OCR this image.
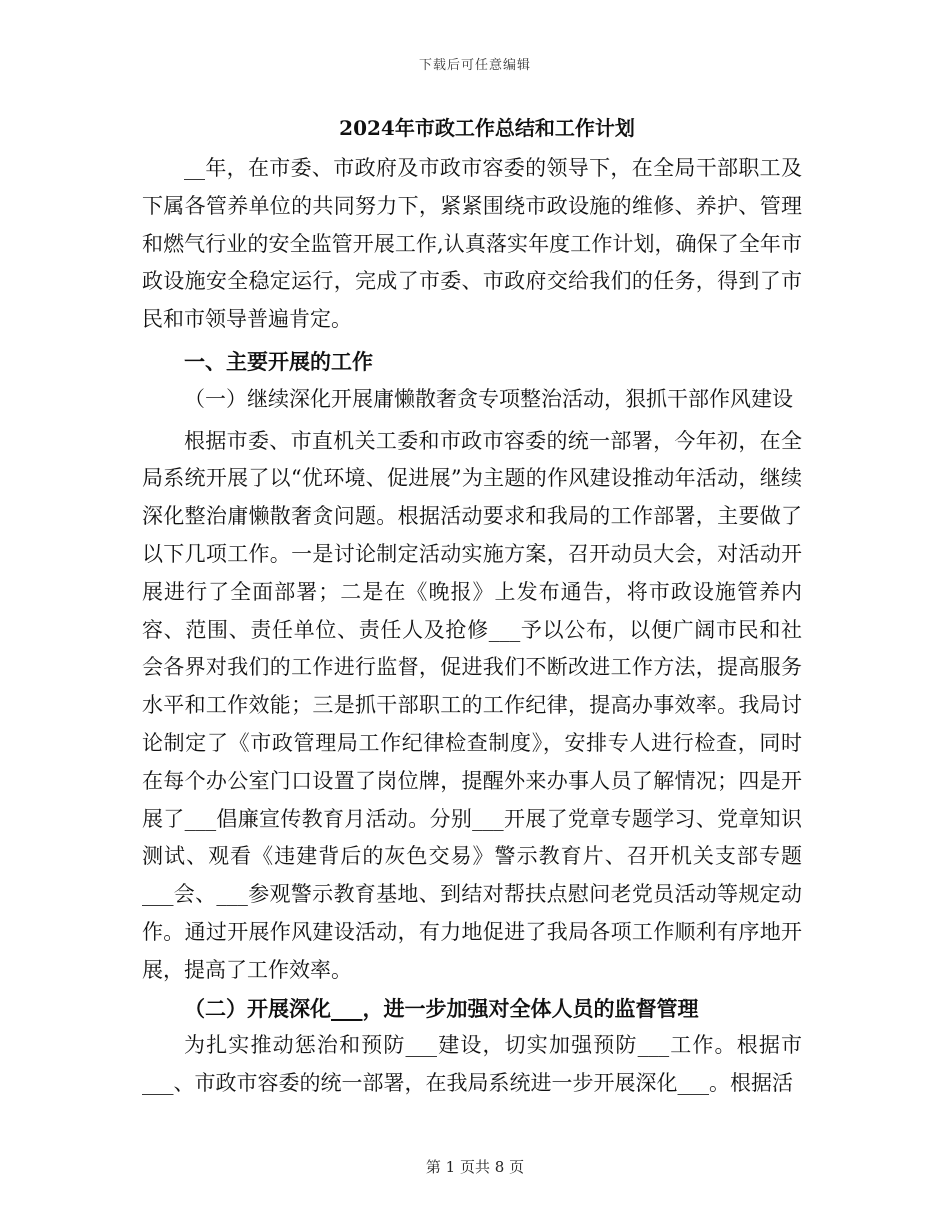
下载后可任意编辑
2024年市政工作总结和工作计划

__年，在市委、市政府及市政市容委的领导下，在全局干部职工及下属各管养单位的共同努力下，紧紧围绕市政设施的维修、养护、管理和燃气行业的安全监管开展工作,认真落实年度工作计划，确保了全年市政设施安全稳定运行，完成了市委、市政府交给我们的任务，得到了市民和市领导普遍肯定。

一、主要开展的工作

（一）继续深化开展庸懒散奢贪专项整治活动，狠抓干部作风建设

根据市委、市直机关工委和市政市容委的统一部署，今年初，在全局系统开展了以“优环境、促进展”为主题的作风建设推动年活动，继续深化整治庸懒散奢贪问题。根据活动要求和我局的工作部署，主要做了以下几项工作。一是讨论制定活动实施方案，召开动员大会，对活动开展进行了全面部署；二是在《晚报》上发布通告，将市政设施管养内容、范围、责任单位、责任人及抢修___予以公布，以便广阔市民和社会各界对我们的工作进行监督，促进我们不断改进工作方法，提高服务水平和工作效能；三是抓干部职工的工作纪律，提高办事效率。我局讨论制定了《市政管理局工作纪律检查制度》，安排专人进行检查，同时在每个办公室门口设置了岗位牌，提醒外来办事人员了解情况；四是开展了___倡廉宣传教育月活动。分别___开展了党章专题学习、党章知识测试、观看《违建背后的灰色交易》警示教育片、召开机关支部专题___会、___参观警示教育基地、到结对帮扶点慰问老党员活动等规定动作。通过开展作风建设活动，有力地促进了我局各项工作顺利有序地开展，提高了工作效率。

（二）开展深化___，进一步加强对全体人员的监督管理

为扎实推动惩治和预防___建设，切实加强预防___工作。根据市___、市政市容委的统一部署，在我局系统进一步开展深化___。根据活

第 1 页共 8 页
